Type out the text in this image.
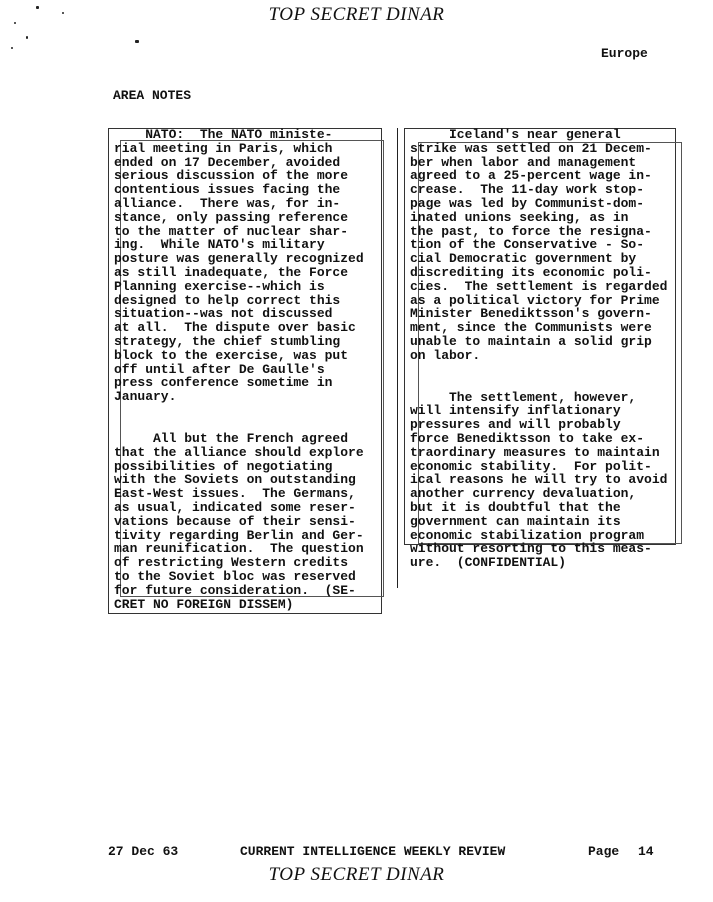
TOP SECRET DINAR
Europe
AREA NOTES

NATO:  The NATO ministe-

rial meeting in Paris, which

ended on 17 December, avoided

serious discussion of the more

contentious issues facing the

alliance.  There was, for in-

stance, only passing reference

to the matter of nuclear shar-

ing.  While NATO's military

posture was generally recognized

as still inadequate, the Force

Planning exercise--which is

designed to help correct this

situation--was not discussed

at all.  The dispute over basic

strategy, the chief stumbling

block to the exercise, was put

off until after De Gaulle's

press conference sometime in

January.

All but the French agreed

that the alliance should explore

possibilities of negotiating

with the Soviets on outstanding

East-West issues.  The Germans,

as usual, indicated some reser-

vations because of their sensi-

tivity regarding Berlin and Ger-

man reunification.  The question

of restricting Western credits

to the Soviet bloc was reserved

for future consideration.  (SE-

CRET NO FOREIGN DISSEM)

Iceland's near general

strike was settled on 21 Decem-

ber when labor and management

agreed to a 25-percent wage in-

crease.  The 11-day work stop-

page was led by Communist-dom-

inated unions seeking, as in

the past, to force the resigna-

tion of the Conservative - So-

cial Democratic government by

discrediting its economic poli-

cies.  The settlement is regarded

as a political victory for Prime

Minister Benediktsson's govern-

ment, since the Communists were

unable to maintain a solid grip

on labor.

The settlement, however,

will intensify inflationary

pressures and will probably

force Benediktsson to take ex-

traordinary measures to maintain

economic stability.  For polit-

ical reasons he will try to avoid

another currency devaluation,

but it is doubtful that the

government can maintain its

economic stabilization program

without resorting to this meas-

ure.  (CONFIDENTIAL)

27 Dec 63	CURRENT INTELLIGENCE WEEKLY REVIEW	Page 14
TOP SECRET DINAR
